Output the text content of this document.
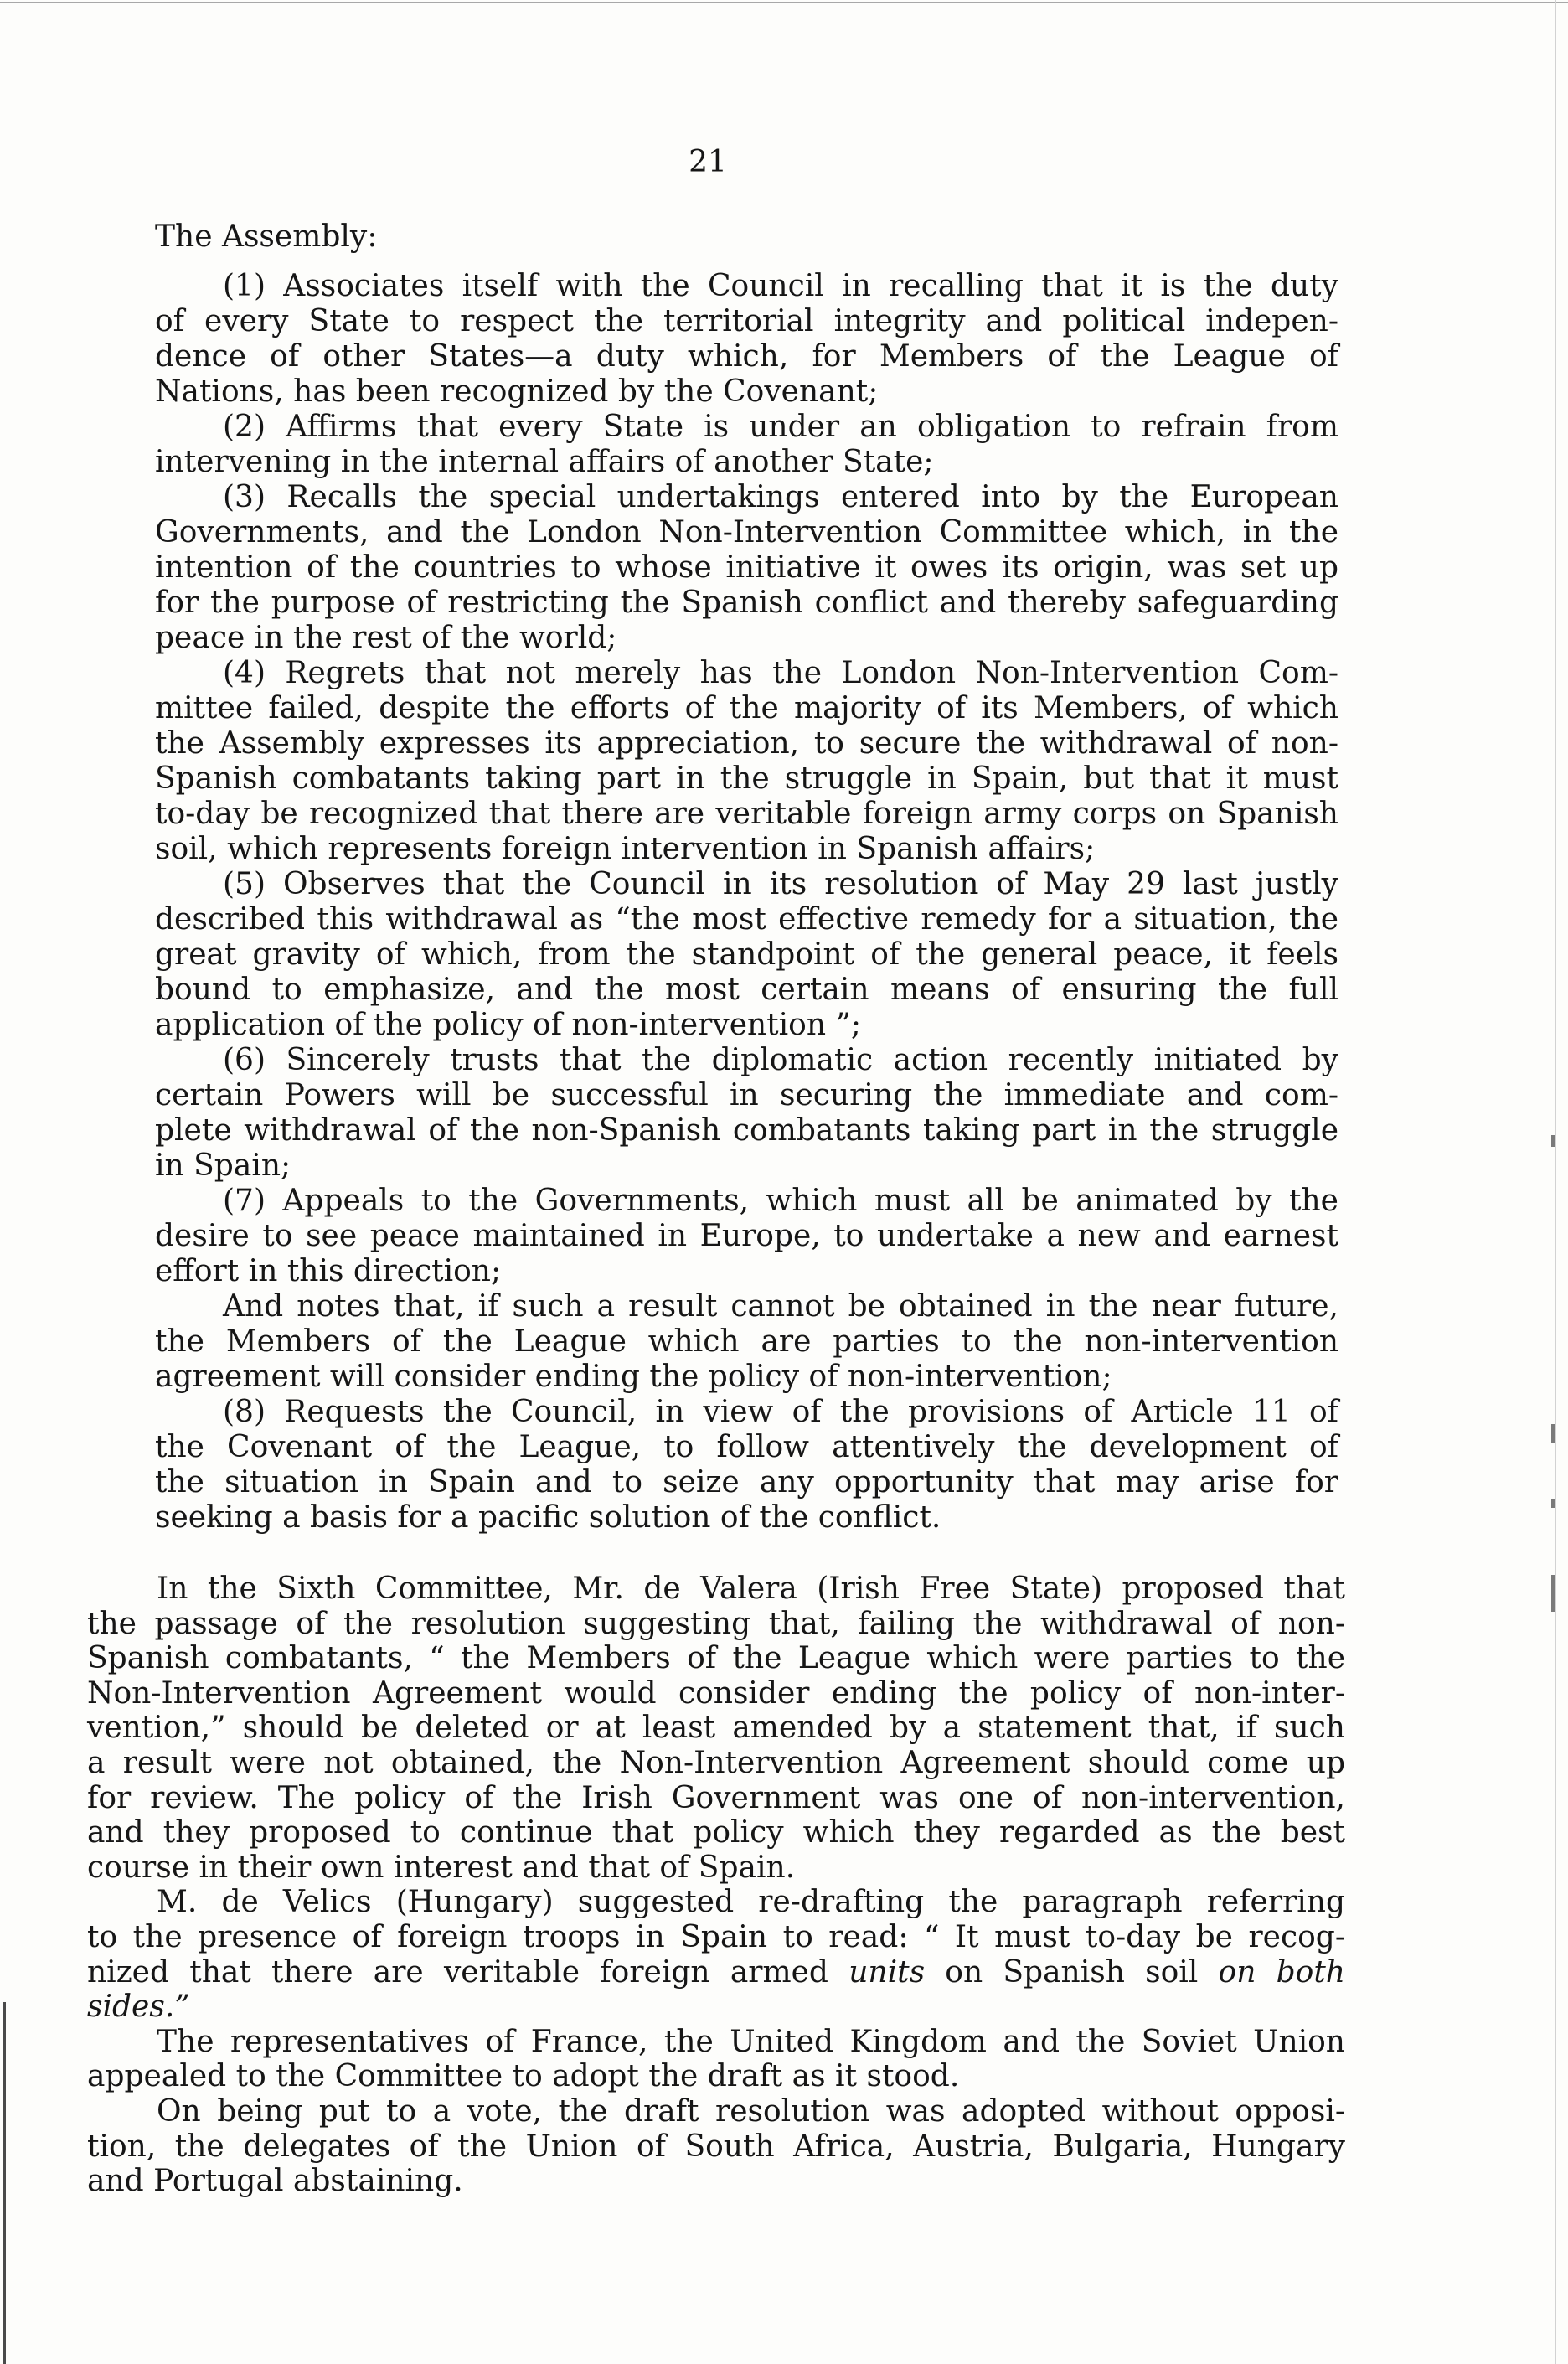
21
The Assembly:
(1) Associates itself with the Council in recalling that it is the duty
of every State to respect the territorial integrity and political indepen-
dence of other States—a duty which, for Members of the League of
Nations, has been recognized by the Covenant;
(2) Affirms that every State is under an obligation to refrain from
intervening in the internal affairs of another State;
(3) Recalls the special undertakings entered into by the European
Governments, and the London Non-Intervention Committee which, in the
intention of the countries to whose initiative it owes its origin, was set up
for the purpose of restricting the Spanish conflict and thereby safeguarding
peace in the rest of the world;
(4) Regrets that not merely has the London Non-Intervention Com-
mittee failed, despite the efforts of the majority of its Members, of which
the Assembly expresses its appreciation, to secure the withdrawal of non-
Spanish combatants taking part in the struggle in Spain, but that it must
to-day be recognized that there are veritable foreign army corps on Spanish
soil, which represents foreign intervention in Spanish affairs;
(5) Observes that the Council in its resolution of May 29 last justly
described this withdrawal as “the most effective remedy for a situation, the
great gravity of which, from the standpoint of the general peace, it feels
bound to emphasize, and the most certain means of ensuring the full
application of the policy of non-intervention ”;
(6) Sincerely trusts that the diplomatic action recently initiated by
certain Powers will be successful in securing the immediate and com-
plete withdrawal of the non-Spanish combatants taking part in the struggle
in Spain;
(7) Appeals to the Governments, which must all be animated by the
desire to see peace maintained in Europe, to undertake a new and earnest
effort in this direction;
And notes that, if such a result cannot be obtained in the near future,
the Members of the League which are parties to the non-intervention
agreement will consider ending the policy of non-intervention;
(8) Requests the Council, in view of the provisions of Article 11 of
the Covenant of the League, to follow attentively the development of
the situation in Spain and to seize any opportunity that may arise for
seeking a basis for a pacific solution of the conflict.
In the Sixth Committee, Mr. de Valera (Irish Free State) proposed that
the passage of the resolution suggesting that, failing the withdrawal of non-
Spanish combatants, “ the Members of the League which were parties to the
Non-Intervention Agreement would consider ending the policy of non-inter-
vention,” should be deleted or at least amended by a statement that, if such
a result were not obtained, the Non-Intervention Agreement should come up
for review. The policy of the Irish Government was one of non-intervention,
and they proposed to continue that policy which they regarded as the best
course in their own interest and that of Spain.
M. de Velics (Hungary) suggested re-drafting the paragraph referring
to the presence of foreign troops in Spain to read: “ It must to-day be recog-
nized that there are veritable foreign armed units on Spanish soil on both
sides.”
The representatives of France, the United Kingdom and the Soviet Union
appealed to the Committee to adopt the draft as it stood.
On being put to a vote, the draft resolution was adopted without opposi-
tion, the delegates of the Union of South Africa, Austria, Bulgaria, Hungary
and Portugal abstaining.
